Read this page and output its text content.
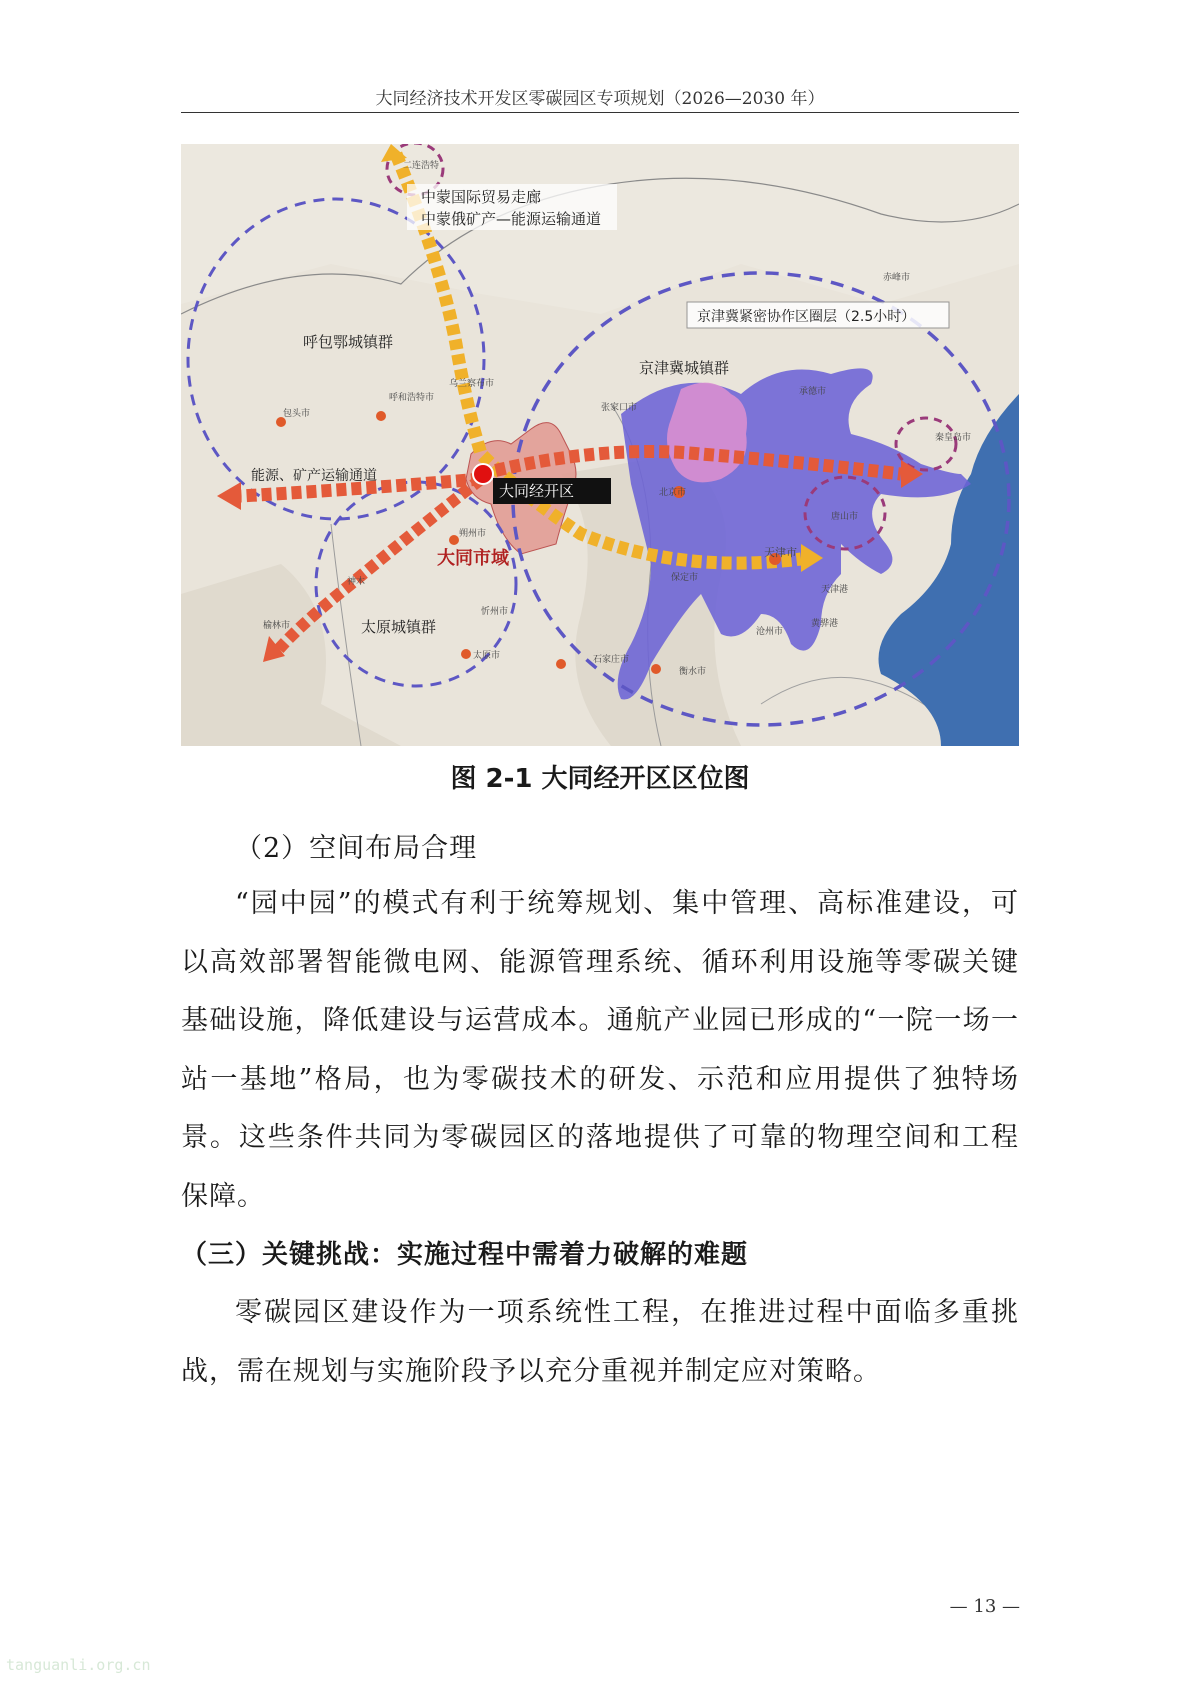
大同经济技术开发区零碳园区专项规划（2026—2030 年）
中蒙国际贸易走廊
中蒙俄矿产—能源运输通道
京津冀紧密协作区圈层（2.5小时）
呼包鄂城镇群
京津冀城镇群
能源、矿产运输通道
大同经开区
大同市域
太原城镇群
二连浩特
赤峰市
乌兰察布市
呼和浩特市
包头市
张家口市
承德市
北京市
唐山市
天津市
保定市
石家庄市
衡水市
沧州市
忻州市
太原市
朔州市
榆林市
神木
秦皇岛市
天津港
黄骅港
图 2-1 大同经开区区位图
（2）空间布局合理
“园中园”的模式有利于统筹规划、集中管理、高标准建设，可以高效部署智能微电网、能源管理系统、循环利用设施等零碳关键基础设施，降低建设与运营成本。通航产业园已形成的“一院一场一站一基地”格局，也为零碳技术的研发、示范和应用提供了独特场景。这些条件共同为零碳园区的落地提供了可靠的物理空间和工程保障。
（三）关键挑战：实施过程中需着力破解的难题
零碳园区建设作为一项系统性工程，在推进过程中面临多重挑战，需在规划与实施阶段予以充分重视并制定应对策略。
— 13 —
tanguanli.org.cn
